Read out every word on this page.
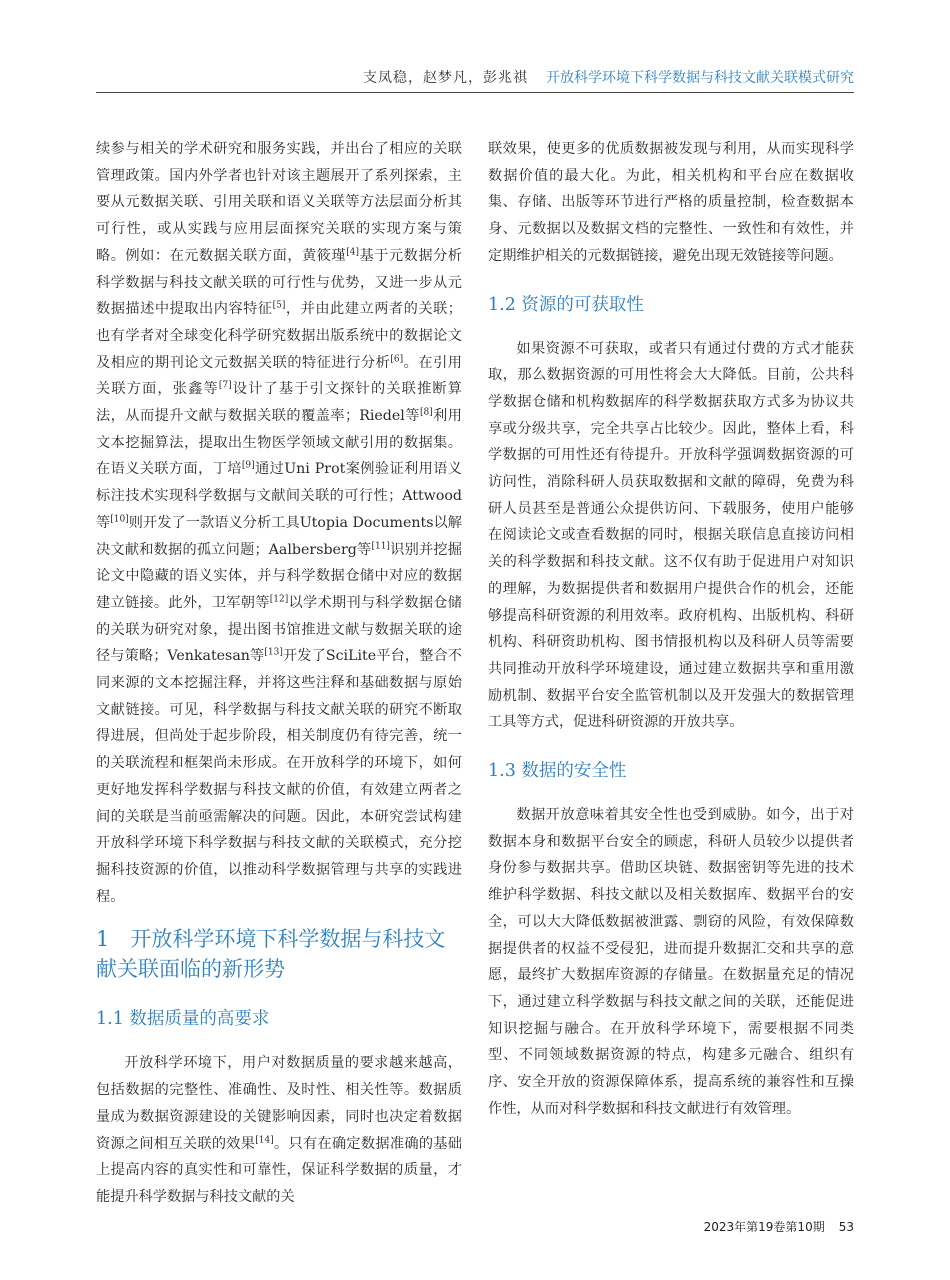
支凤稳，赵梦凡，彭兆祺 开放科学环境下科学数据与科技文献关联模式研究

续参与相关的学术研究和服务实践，并出台了相应的关联管理政策。国内外学者也针对该主题展开了系列探索，主要从元数据关联、引用关联和语义关联等方法层面分析其可行性，或从实践与应用层面探究关联的实现方案与策略。例如：在元数据关联方面，黄筱瑾[4]基于元数据分析科学数据与科技文献关联的可行性与优势，又进一步从元数据描述中提取出内容特征[5]，并由此建立两者的关联；也有学者对全球变化科学研究数据出版系统中的数据论文及相应的期刊论文元数据关联的特征进行分析[6]。在引用关联方面，张鑫等[7]设计了基于引文探针的关联推断算法，从而提升文献与数据关联的覆盖率；Riedel等[8]利用文本挖掘算法，提取出生物医学领域文献引用的数据集。在语义关联方面，丁培[9]通过Uni Prot案例验证利用语义标注技术实现科学数据与文献间关联的可行性；Attwood等[10]则开发了一款语义分析工具Utopia Documents以解决文献和数据的孤立问题；Aalbersberg等[11]识别并挖掘论文中隐藏的语义实体，并与科学数据仓储中对应的数据建立链接。此外，卫军朝等[12]以学术期刊与科学数据仓储的关联为研究对象，提出图书馆推进文献与数据关联的途径与策略；Venkatesan等[13]开发了SciLite平台，整合不同来源的文本挖掘注释，并将这些注释和基础数据与原始文献链接。可见，科学数据与科技文献关联的研究不断取得进展，但尚处于起步阶段，相关制度仍有待完善，统一的关联流程和框架尚未形成。在开放科学的环境下，如何更好地发挥科学数据与科技文献的价值，有效建立两者之间的关联是当前亟需解决的问题。因此，本研究尝试构建开放科学环境下科学数据与科技文献的关联模式，充分挖掘科技资源的价值，以推动科学数据管理与共享的实践进程。

1　开放科学环境下科学数据与科技文献关联面临的新形势
1.1 数据质量的高要求

开放科学环境下，用户对数据质量的要求越来越高，包括数据的完整性、准确性、及时性、相关性等。数据质量成为数据资源建设的关键影响因素，同时也决定着数据资源之间相互关联的效果[14]。只有在确定数据准确的基础上提高内容的真实性和可靠性，保证科学数据的质量，才能提升科学数据与科技文献的关

联效果，使更多的优质数据被发现与利用，从而实现科学数据价值的最大化。为此，相关机构和平台应在数据收集、存储、出版等环节进行严格的质量控制，检查数据本身、元数据以及数据文档的完整性、一致性和有效性，并定期维护相关的元数据链接，避免出现无效链接等问题。

1.2 资源的可获取性

如果资源不可获取，或者只有通过付费的方式才能获取，那么数据资源的可用性将会大大降低。目前，公共科学数据仓储和机构数据库的科学数据获取方式多为协议共享或分级共享，完全共享占比较少。因此，整体上看，科学数据的可用性还有待提升。开放科学强调数据资源的可访问性，消除科研人员获取数据和文献的障碍，免费为科研人员甚至是普通公众提供访问、下载服务，使用户能够在阅读论文或查看数据的同时，根据关联信息直接访问相关的科学数据和科技文献。这不仅有助于促进用户对知识的理解，为数据提供者和数据用户提供合作的机会，还能够提高科研资源的利用效率。政府机构、出版机构、科研机构、科研资助机构、图书情报机构以及科研人员等需要共同推动开放科学环境建设，通过建立数据共享和重用激励机制、数据平台安全监管机制以及开发强大的数据管理工具等方式，促进科研资源的开放共享。

1.3 数据的安全性

数据开放意味着其安全性也受到威胁。如今，出于对数据本身和数据平台安全的顾虑，科研人员较少以提供者身份参与数据共享。借助区块链、数据密钥等先进的技术维护科学数据、科技文献以及相关数据库、数据平台的安全，可以大大降低数据被泄露、剽窃的风险，有效保障数据提供者的权益不受侵犯，进而提升数据汇交和共享的意愿，最终扩大数据库资源的存储量。在数据量充足的情况下，通过建立科学数据与科技文献之间的关联，还能促进知识挖掘与融合。在开放科学环境下，需要根据不同类型、不同领域数据资源的特点，构建多元融合、组织有序、安全开放的资源保障体系，提高系统的兼容性和互操作性，从而对科学数据和科技文献进行有效管理。

2023年第19卷第10期 53
